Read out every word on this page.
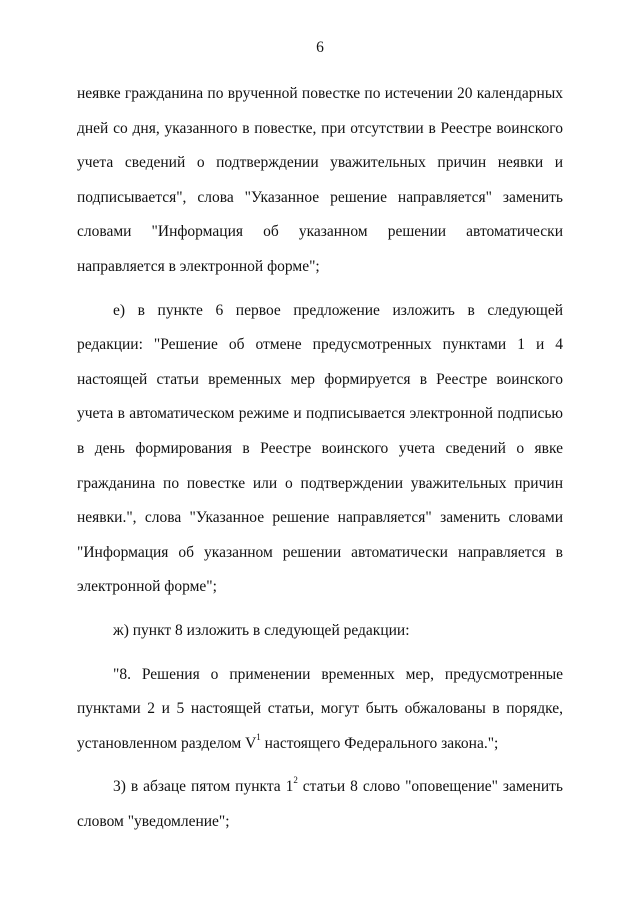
6

неявке гражданина по врученной повестке по истечении 20 календарных дней со дня, указанного в повестке, при отсутствии в Реестре воинского учета сведений о подтверждении уважительных причин неявки и подписывается", слова "Указанное решение направляется" заменить словами "Информация об указанном решении автоматически направляется в электронной форме";

е) в пункте 6 первое предложение изложить в следующей редакции: "Решение об отмене предусмотренных пунктами 1 и 4 настоящей статьи временных мер формируется в Реестре воинского учета в автоматическом режиме и подписывается электронной подписью в день формирования в Реестре воинского учета сведений о явке гражданина по повестке или о подтверждении уважительных причин неявки.", слова "Указанное решение направляется" заменить словами "Информация об указанном решении автоматически направляется в электронной форме";

ж) пункт 8 изложить в следующей редакции:

"8. Решения о применении временных мер, предусмотренные пунктами 2 и 5 настоящей статьи, могут быть обжалованы в порядке, установленном разделом $V^1$ настоящего Федерального закона.";

3) в абзаце пятом пункта $1^2$ статьи 8 слово "оповещение" заменить словом "уведомление";
